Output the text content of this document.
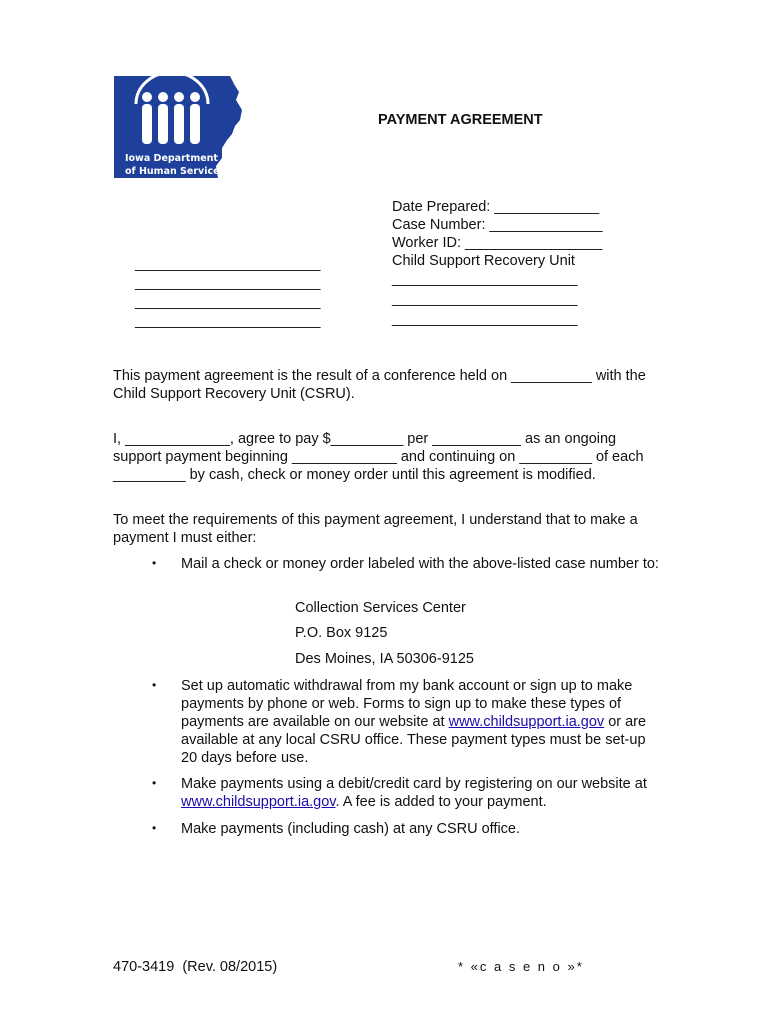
Iowa Department
of Human Services
PAYMENT AGREEMENT
Date Prepared: _____________
Case Number: ______________
Worker ID: _________________
Child Support Recovery Unit
_______________________
_______________________
_______________________
_______________________
_______________________
_______________________
_______________________

This payment agreement is the result of a conference held on __________ with the Child Support Recovery Unit (CSRU).

I, _____________, agree to pay $_________ per ___________ as an ongoing support payment beginning _____________ and continuing on _________ of each _________ by cash, check or money order until this agreement is modified.

To meet the requirements of this payment agreement, I understand that to make a payment I must either:

• Mail a check or money order labeled with the above-listed case number to:

Collection Services Center
P.O. Box 9125
Des Moines, IA 50306-9125
• Set up automatic withdrawal from my bank account or sign up to make payments by phone or web. Forms to sign up to make these types of payments are available on our website at www.childsupport.ia.gov or are available at any local CSRU office. These payment types must be set-up 20 days before use.

• Make payments using a debit/credit card by registering on our website at www.childsupport.ia.gov. A fee is added to your payment.

• Make payments (including cash) at any CSRU office.

470-3419  (Rev. 08/2015)	* «c a s e n o »*
